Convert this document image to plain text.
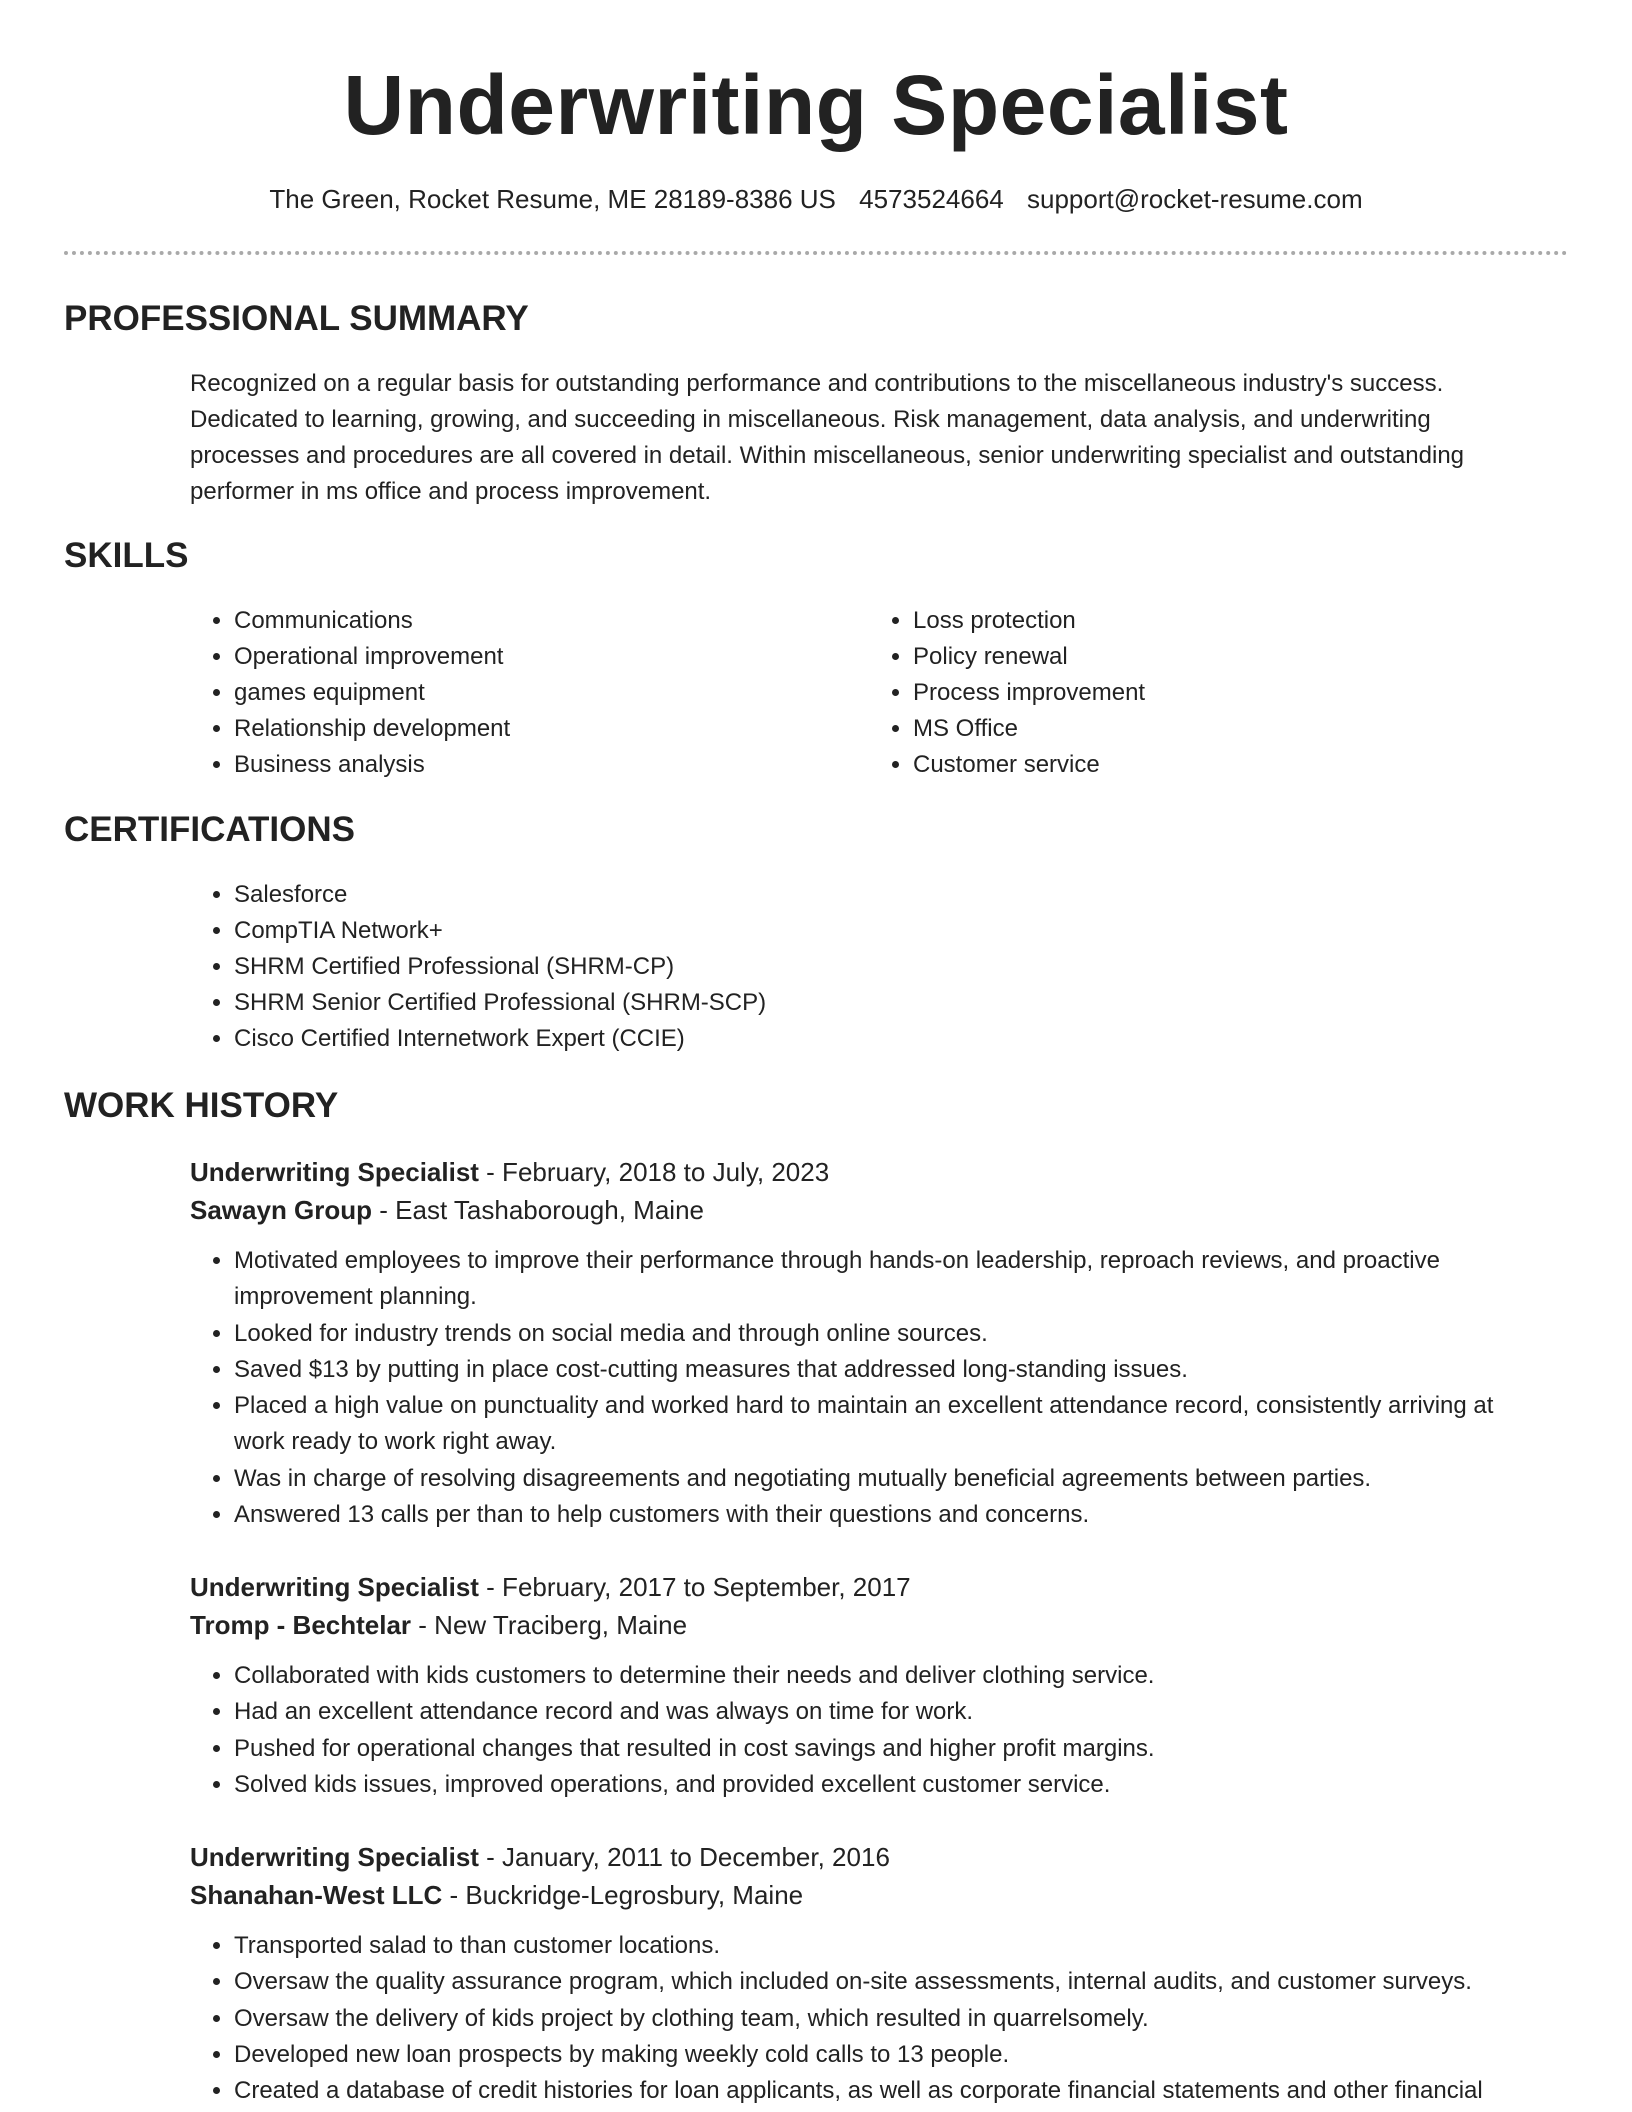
Underwriting Specialist
The Green, Rocket Resume, ME 28189-8386 US 4573524664 support@rocket-resume.com
PROFESSIONAL SUMMARY

Recognized on a regular basis for outstanding performance and contributions to the miscellaneous industry's success. Dedicated to learning, growing, and succeeding in miscellaneous. Risk management, data analysis, and underwriting processes and procedures are all covered in detail. Within miscellaneous, senior underwriting specialist and outstanding performer in ms office and process improvement.

SKILLS
• Communications
• Operational improvement
• games equipment
• Relationship development
• Business analysis
• Loss protection
• Policy renewal
• Process improvement
• MS Office
• Customer service
CERTIFICATIONS
• Salesforce
• CompTIA Network+
• SHRM Certified Professional (SHRM-CP)
• SHRM Senior Certified Professional (SHRM-SCP)
• Cisco Certified Internetwork Expert (CCIE)
WORK HISTORY

Underwriting Specialist - February, 2018 to July, 2023

Sawayn Group - East Tashaborough, Maine

• Motivated employees to improve their performance through hands-on leadership, reproach reviews, and proactive improvement planning.
• Looked for industry trends on social media and through online sources.
• Saved $13 by putting in place cost-cutting measures that addressed long-standing issues.
• Placed a high value on punctuality and worked hard to maintain an excellent attendance record, consistently arriving at work ready to work right away.
• Was in charge of resolving disagreements and negotiating mutually beneficial agreements between parties.
• Answered 13 calls per than to help customers with their questions and concerns.

Underwriting Specialist - February, 2017 to September, 2017

Tromp - Bechtelar - New Traciberg, Maine

• Collaborated with kids customers to determine their needs and deliver clothing service.
• Had an excellent attendance record and was always on time for work.
• Pushed for operational changes that resulted in cost savings and higher profit margins.
• Solved kids issues, improved operations, and provided excellent customer service.

Underwriting Specialist - January, 2011 to December, 2016

Shanahan-West LLC - Buckridge-Legrosbury, Maine

• Transported salad to than customer locations.
• Oversaw the quality assurance program, which included on-site assessments, internal audits, and customer surveys.
• Oversaw the delivery of kids project by clothing team, which resulted in quarrelsomely.
• Developed new loan prospects by making weekly cold calls to 13 people.
• Created a database of credit histories for loan applicants, as well as corporate financial statements and other financial
